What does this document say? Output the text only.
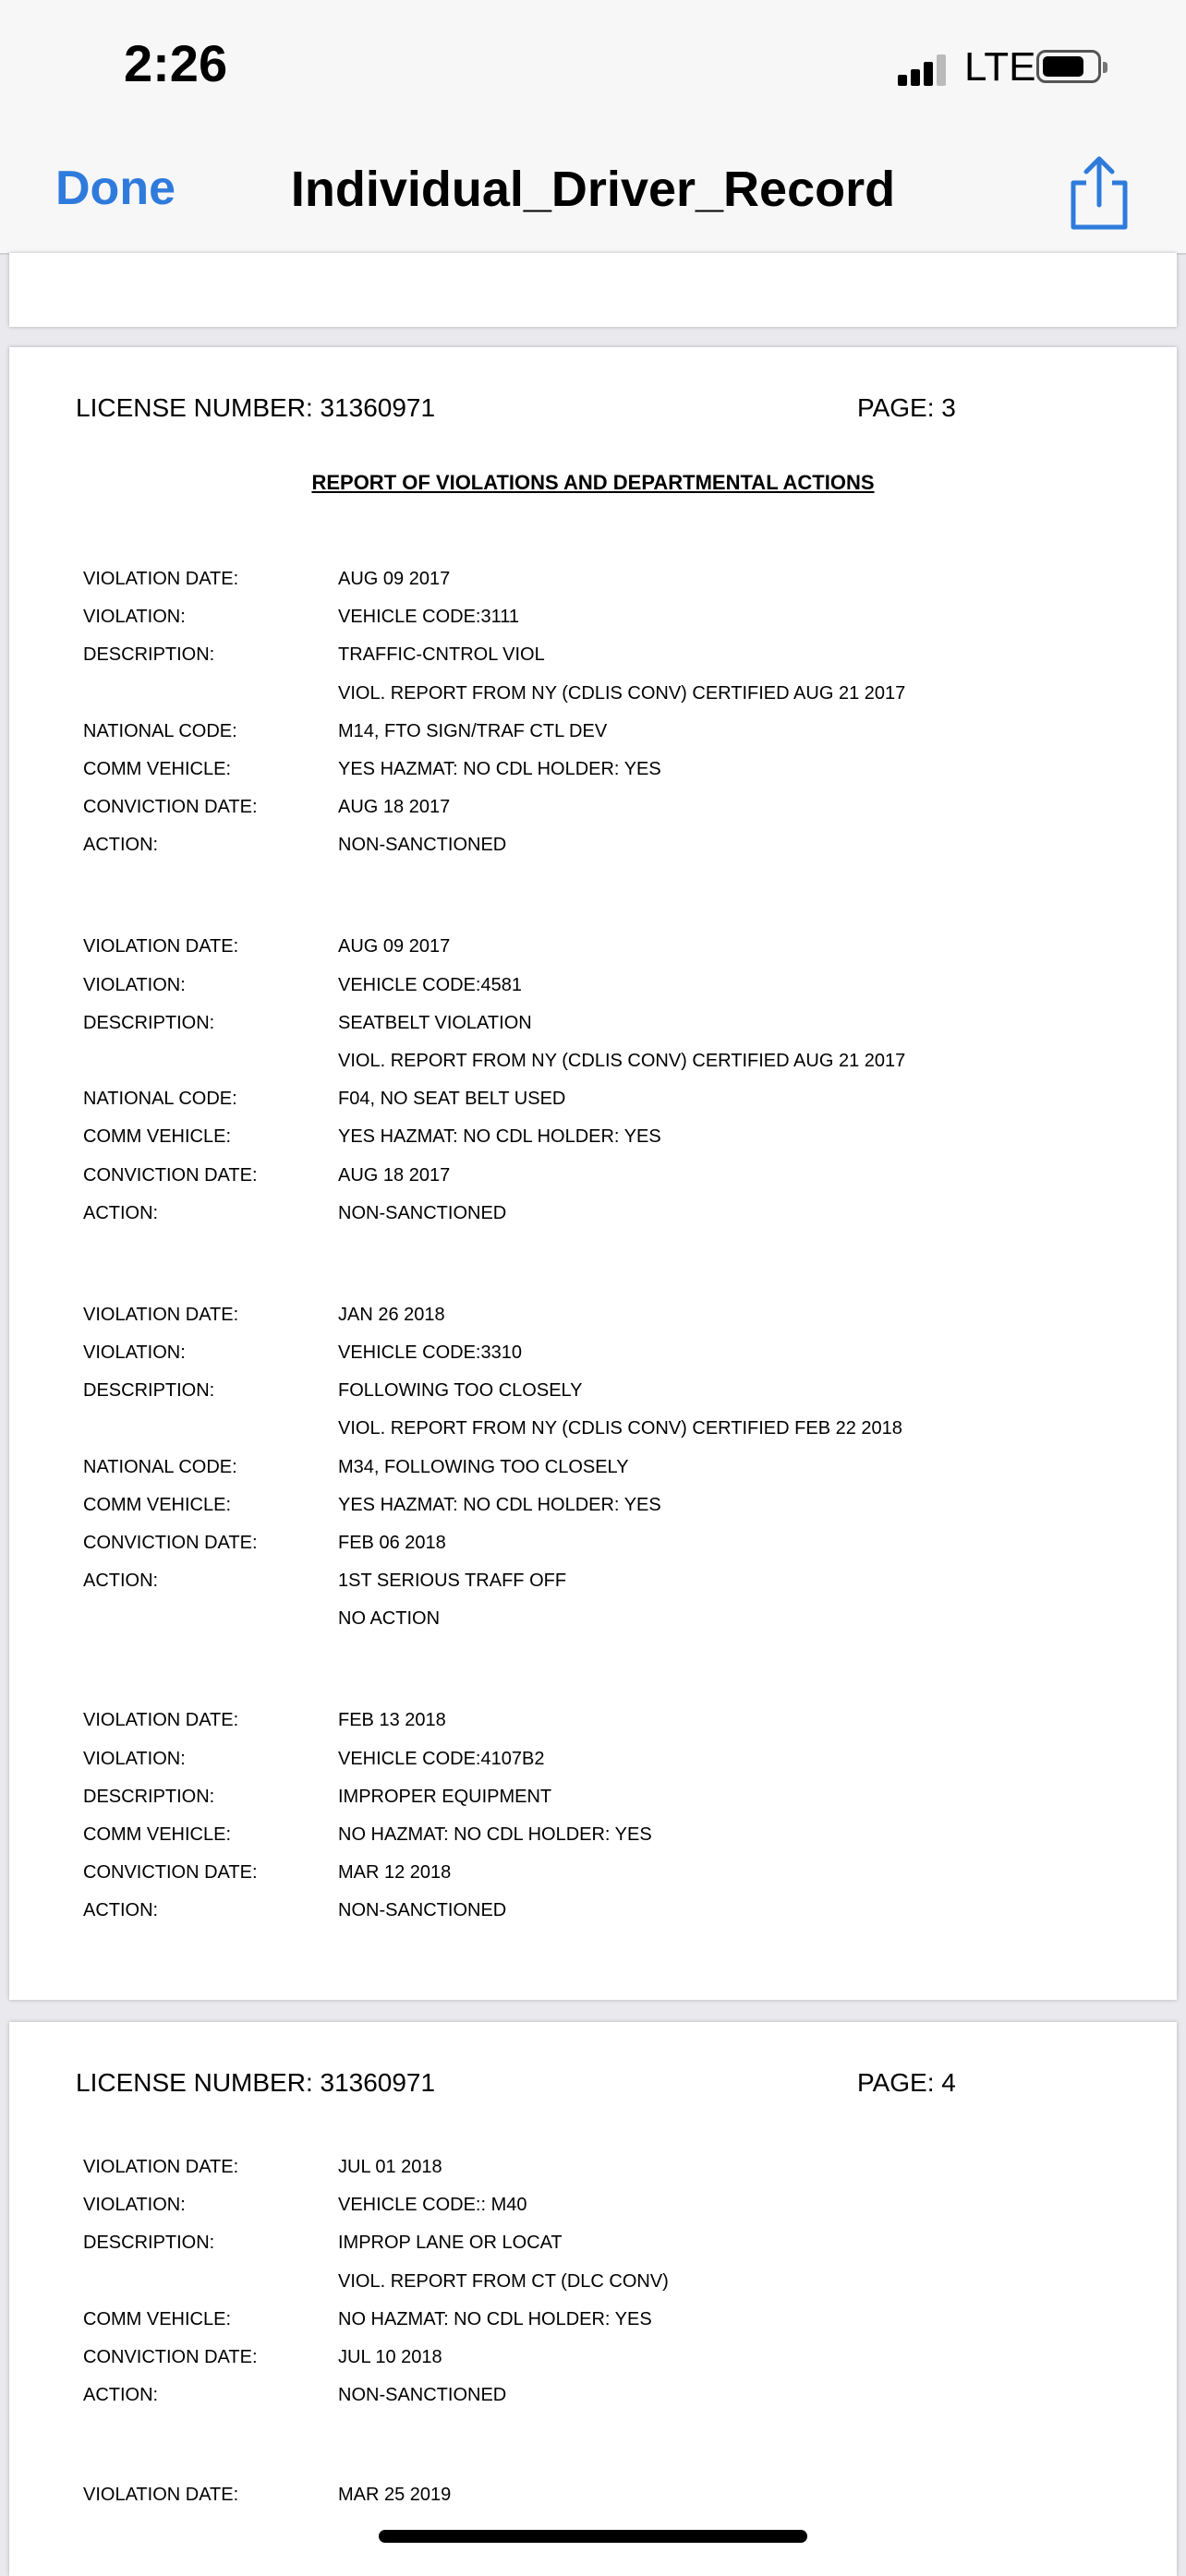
2:26	LTE
Individual_Driver_Record
Done
LICENSE NUMBER: 31360971	PAGE: 3
REPORT OF VIOLATIONS AND DEPARTMENTAL ACTIONS
VIOLATION DATE:	AUG 09 2017
VIOLATION:	VEHICLE CODE:3111
DESCRIPTION:	TRAFFIC-CNTROL VIOL
VIOL. REPORT FROM NY (CDLIS CONV) CERTIFIED AUG 21 2017
NATIONAL CODE:	M14, FTO SIGN/TRAF CTL DEV
COMM VEHICLE:	YES HAZMAT: NO CDL HOLDER: YES
CONVICTION DATE:	AUG 18 2017
ACTION:	NON-SANCTIONED
VIOLATION DATE:	AUG 09 2017
VIOLATION:	VEHICLE CODE:4581
DESCRIPTION:	SEATBELT VIOLATION
VIOL. REPORT FROM NY (CDLIS CONV) CERTIFIED AUG 21 2017
NATIONAL CODE:	F04, NO SEAT BELT USED
COMM VEHICLE:	YES HAZMAT: NO CDL HOLDER: YES
CONVICTION DATE:	AUG 18 2017
ACTION:	NON-SANCTIONED
VIOLATION DATE:	JAN 26 2018
VIOLATION:	VEHICLE CODE:3310
DESCRIPTION:	FOLLOWING TOO CLOSELY
VIOL. REPORT FROM NY (CDLIS CONV) CERTIFIED FEB 22 2018
NATIONAL CODE:	M34, FOLLOWING TOO CLOSELY
COMM VEHICLE:	YES HAZMAT: NO CDL HOLDER: YES
CONVICTION DATE:	FEB 06 2018
ACTION:	1ST SERIOUS TRAFF OFF
NO ACTION
VIOLATION DATE:	FEB 13 2018
VIOLATION:	VEHICLE CODE:4107B2
DESCRIPTION:	IMPROPER EQUIPMENT
COMM VEHICLE:	NO HAZMAT: NO CDL HOLDER: YES
CONVICTION DATE:	MAR 12 2018
ACTION:	NON-SANCTIONED
LICENSE NUMBER: 31360971	PAGE: 4
VIOLATION DATE:	JUL 01 2018
VIOLATION:	VEHICLE CODE:: M40
DESCRIPTION:	IMPROP LANE OR LOCAT
VIOL. REPORT FROM CT (DLC CONV)
COMM VEHICLE:	NO HAZMAT: NO CDL HOLDER: YES
CONVICTION DATE:	JUL 10 2018
ACTION:	NON-SANCTIONED
VIOLATION DATE:	MAR 25 2019
